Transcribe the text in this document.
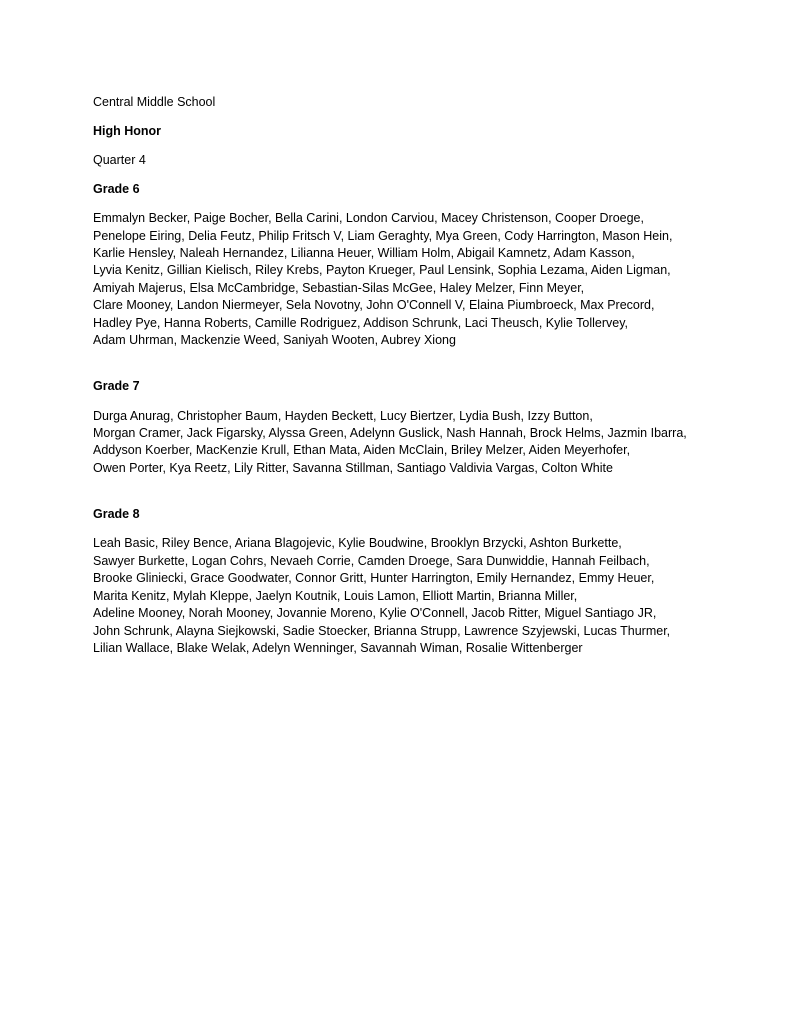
Central Middle School

High Honor

Quarter 4

Grade 6

Emmalyn Becker, Paige Bocher, Bella Carini, London Carviou, Macey Christenson, Cooper Droege,

Penelope Eiring, Delia Feutz, Philip Fritsch V, Liam Geraghty, Mya Green, Cody Harrington, Mason Hein,

Karlie Hensley, Naleah Hernandez, Lilianna Heuer, William Holm, Abigail Kamnetz, Adam Kasson,

Lyvia Kenitz, Gillian Kielisch, Riley Krebs, Payton Krueger, Paul Lensink, Sophia Lezama, Aiden Ligman,

Amiyah Majerus, Elsa McCambridge, Sebastian-Silas McGee, Haley Melzer, Finn Meyer,

Clare Mooney, Landon Niermeyer, Sela Novotny, John O'Connell V, Elaina Piumbroeck, Max Precord,

Hadley Pye, Hanna Roberts, Camille Rodriguez, Addison Schrunk, Laci Theusch, Kylie Tollervey,

Adam Uhrman, Mackenzie Weed, Saniyah Wooten, Aubrey Xiong

Grade 7

Durga Anurag, Christopher Baum, Hayden Beckett, Lucy Biertzer, Lydia Bush, Izzy Button,

Morgan Cramer, Jack Figarsky, Alyssa Green, Adelynn Guslick, Nash Hannah, Brock Helms, Jazmin Ibarra,

Addyson Koerber, MacKenzie Krull, Ethan Mata, Aiden McClain, Briley Melzer, Aiden Meyerhofer,

Owen Porter, Kya Reetz, Lily Ritter, Savanna Stillman, Santiago Valdivia Vargas, Colton White

Grade 8

Leah Basic, Riley Bence, Ariana Blagojevic, Kylie Boudwine, Brooklyn Brzycki, Ashton Burkette,

Sawyer Burkette, Logan Cohrs, Nevaeh Corrie, Camden Droege, Sara Dunwiddie, Hannah Feilbach,

Brooke Gliniecki, Grace Goodwater, Connor Gritt, Hunter Harrington, Emily Hernandez, Emmy Heuer,

Marita Kenitz, Mylah Kleppe, Jaelyn Koutnik, Louis Lamon, Elliott Martin, Brianna Miller,

Adeline Mooney, Norah Mooney, Jovannie Moreno, Kylie O'Connell, Jacob Ritter, Miguel Santiago JR,

John Schrunk, Alayna Siejkowski, Sadie Stoecker, Brianna Strupp, Lawrence Szyjewski, Lucas Thurmer,

Lilian Wallace, Blake Welak, Adelyn Wenninger, Savannah Wiman, Rosalie Wittenberger
